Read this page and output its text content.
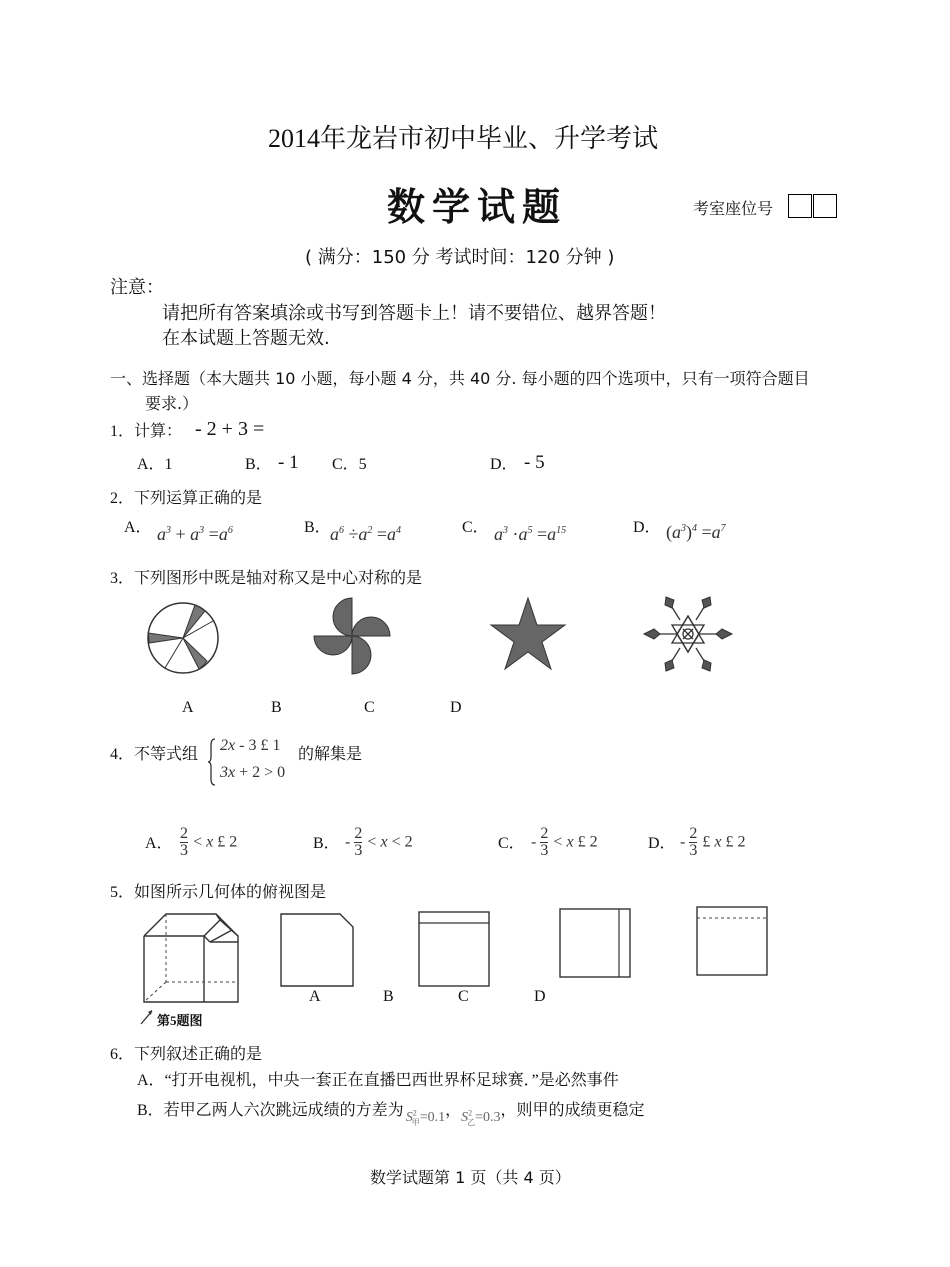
2014年龙岩市初中毕业、升学考试
数学试题	考室座位号
( 满分：150 分 考试时间：120 分钟 )
注意：
请把所有答案填涂或书写到答题卡上！请不要错位、越界答题！
在本试题上答题无效.
一、选择题（本大题共 10 小题，每小题 4 分，共 40 分. 每小题的四个选项中，只有一项符合题目
要求.）
1．计算： - 2 + 3 =
A．1	B． - 1 C．5	D． - 5
2．下列运算正确的是
A． $a^3 + a^3 =a^6$	B． $a^6 \div a^2 =a^4$	C． $a^3 \cdot a^5 =a^{15}$	D． $(a^3)^4 =a^7$
3．下列图形中既是轴对称又是中心对称的是
A	B	C	D
4．不等式组
2x - 3 £ 1
3x + 2 > 0
的解集是
A．
2

3 < x £ 2	B． - 2

3 < x < 2	C． - 2

3 < x £ 2	D． - 2

3 £ x £ 2
5．如图所示几何体的俯视图是
第5题图
A	B	C	D
6．下列叙述正确的是
A．“打开电视机，中央一套正在直播巴西世界杯足球赛．”是必然事件
B．若甲乙两人六次跳远成绩的方差为 $S^2_甲=0.1$，$S^2_乙=0.3$，则甲的成绩更稳定
数学试题第 1 页（共 4 页）
